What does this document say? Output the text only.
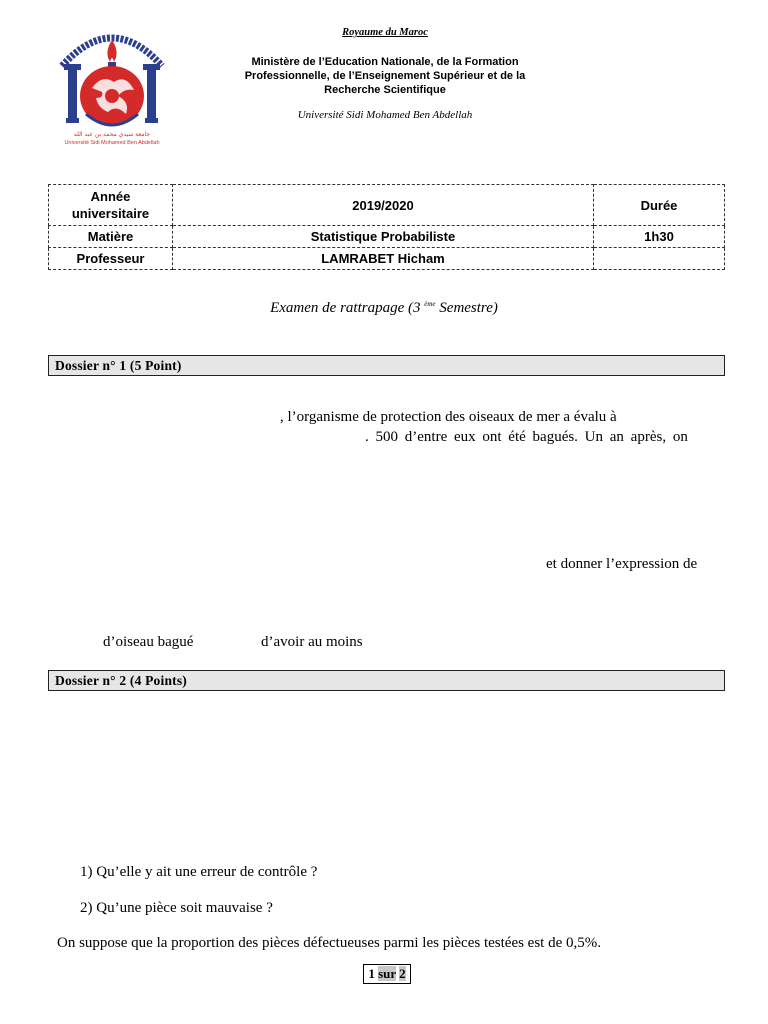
Royaume du Maroc
Ministère de l’Education Nationale, de la Formation
Professionnelle, de l’Enseignement Supérieur et de la
Recherche Scientifique
Université Sidi Mohamed Ben Abdellah
جامعة سيدي محمد بن عبد الله
Université Sidi Mohamed Ben Abdellah
Année universitaire	2019/2020	Durée
Matière	Statistique Probabiliste	1h30
Professeur	LAMRABET Hicham	
Examen de rattrapage (3 $^{ème}$ Semestre)
Dossier n° 1 (5 Point)
, l’organisme de protection des oiseaux de mer a évalu à
. 500 d’entre eux ont été bagués. Un an après, on
et donner l’expression de
d’oiseau bagué	d’avoir au moins
Dossier n° 2 (4 Points)
1) Qu’elle y ait une erreur de contrôle ?
2) Qu’une pièce soit mauvaise ?
On suppose que la proportion des pièces défectueuses parmi les pièces testées est de 0,5%.
1 sur 2
